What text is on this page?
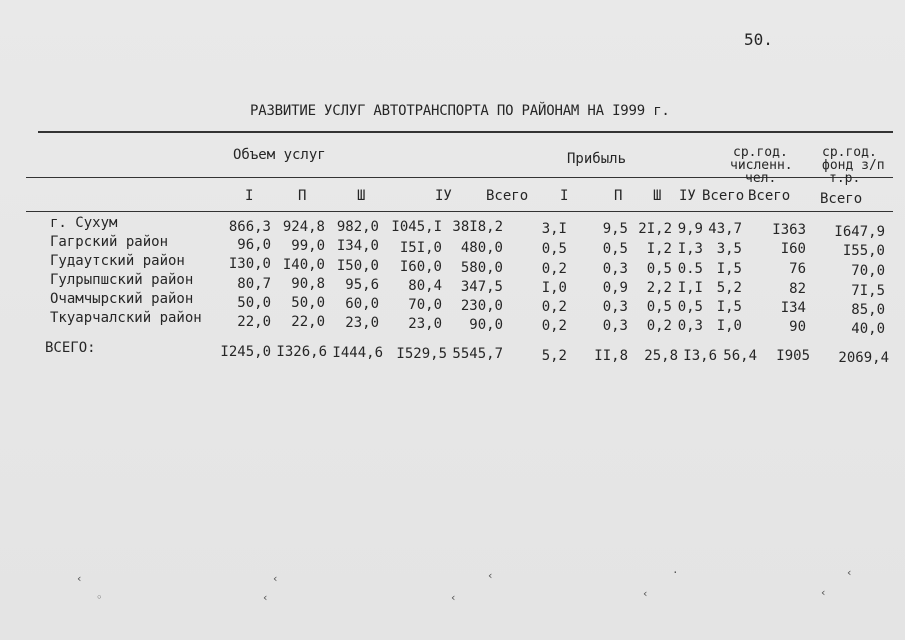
50.
РАЗВИТИЕ УСЛУГ АВТОТРАНСПОРТА ПО РАЙОНАМ НА I999 г.
Объем услуг	Прибыль	ср.год.
численн.
чел.
ср.год.
фонд з/п
т.р.
I	П	Ш	IУ Всего I	П Ш IУ Всего Всего Всего
г. Сухум	866,3 924,8 982,0 I045,I 38I8,2	3,I	9,5 2I,2 9,9 43,7 I363 I647,9
Гагрский район	96,0 99,0 I34,0 I5I,0 480,0	0,5	0,5 I,2 I,3 3,5	I60	I55,0
Гудаутский район	I30,0 I40,0 I50,0 I60,0 580,0	0,2	0,3 0,5 0.5 I,5	76	70,0
Гулрыпшский район	80,7 90,8 95,6 80,4 347,5	I,0	0,9 2,2 I,I 5,2	82	7I,5
Очамчырский район	50,0 50,0 60,0 70,0 230,0	0,2	0,3 0,5 0,5 I,5	I34	85,0
Ткуарчалский район	22,0 22,0 23,0 23,0 90,0	0,2	0,3 0,2 0,3 I,0	90	40,0
ВСЕГО:	I245,0 I326,6 I444,6 I529,5 5545,7	5,2 II,8 25,8 I3,6 56,4 I905 2069,4
‹
◦
‹
‹
‹
‹
·
‹
‹
‹
